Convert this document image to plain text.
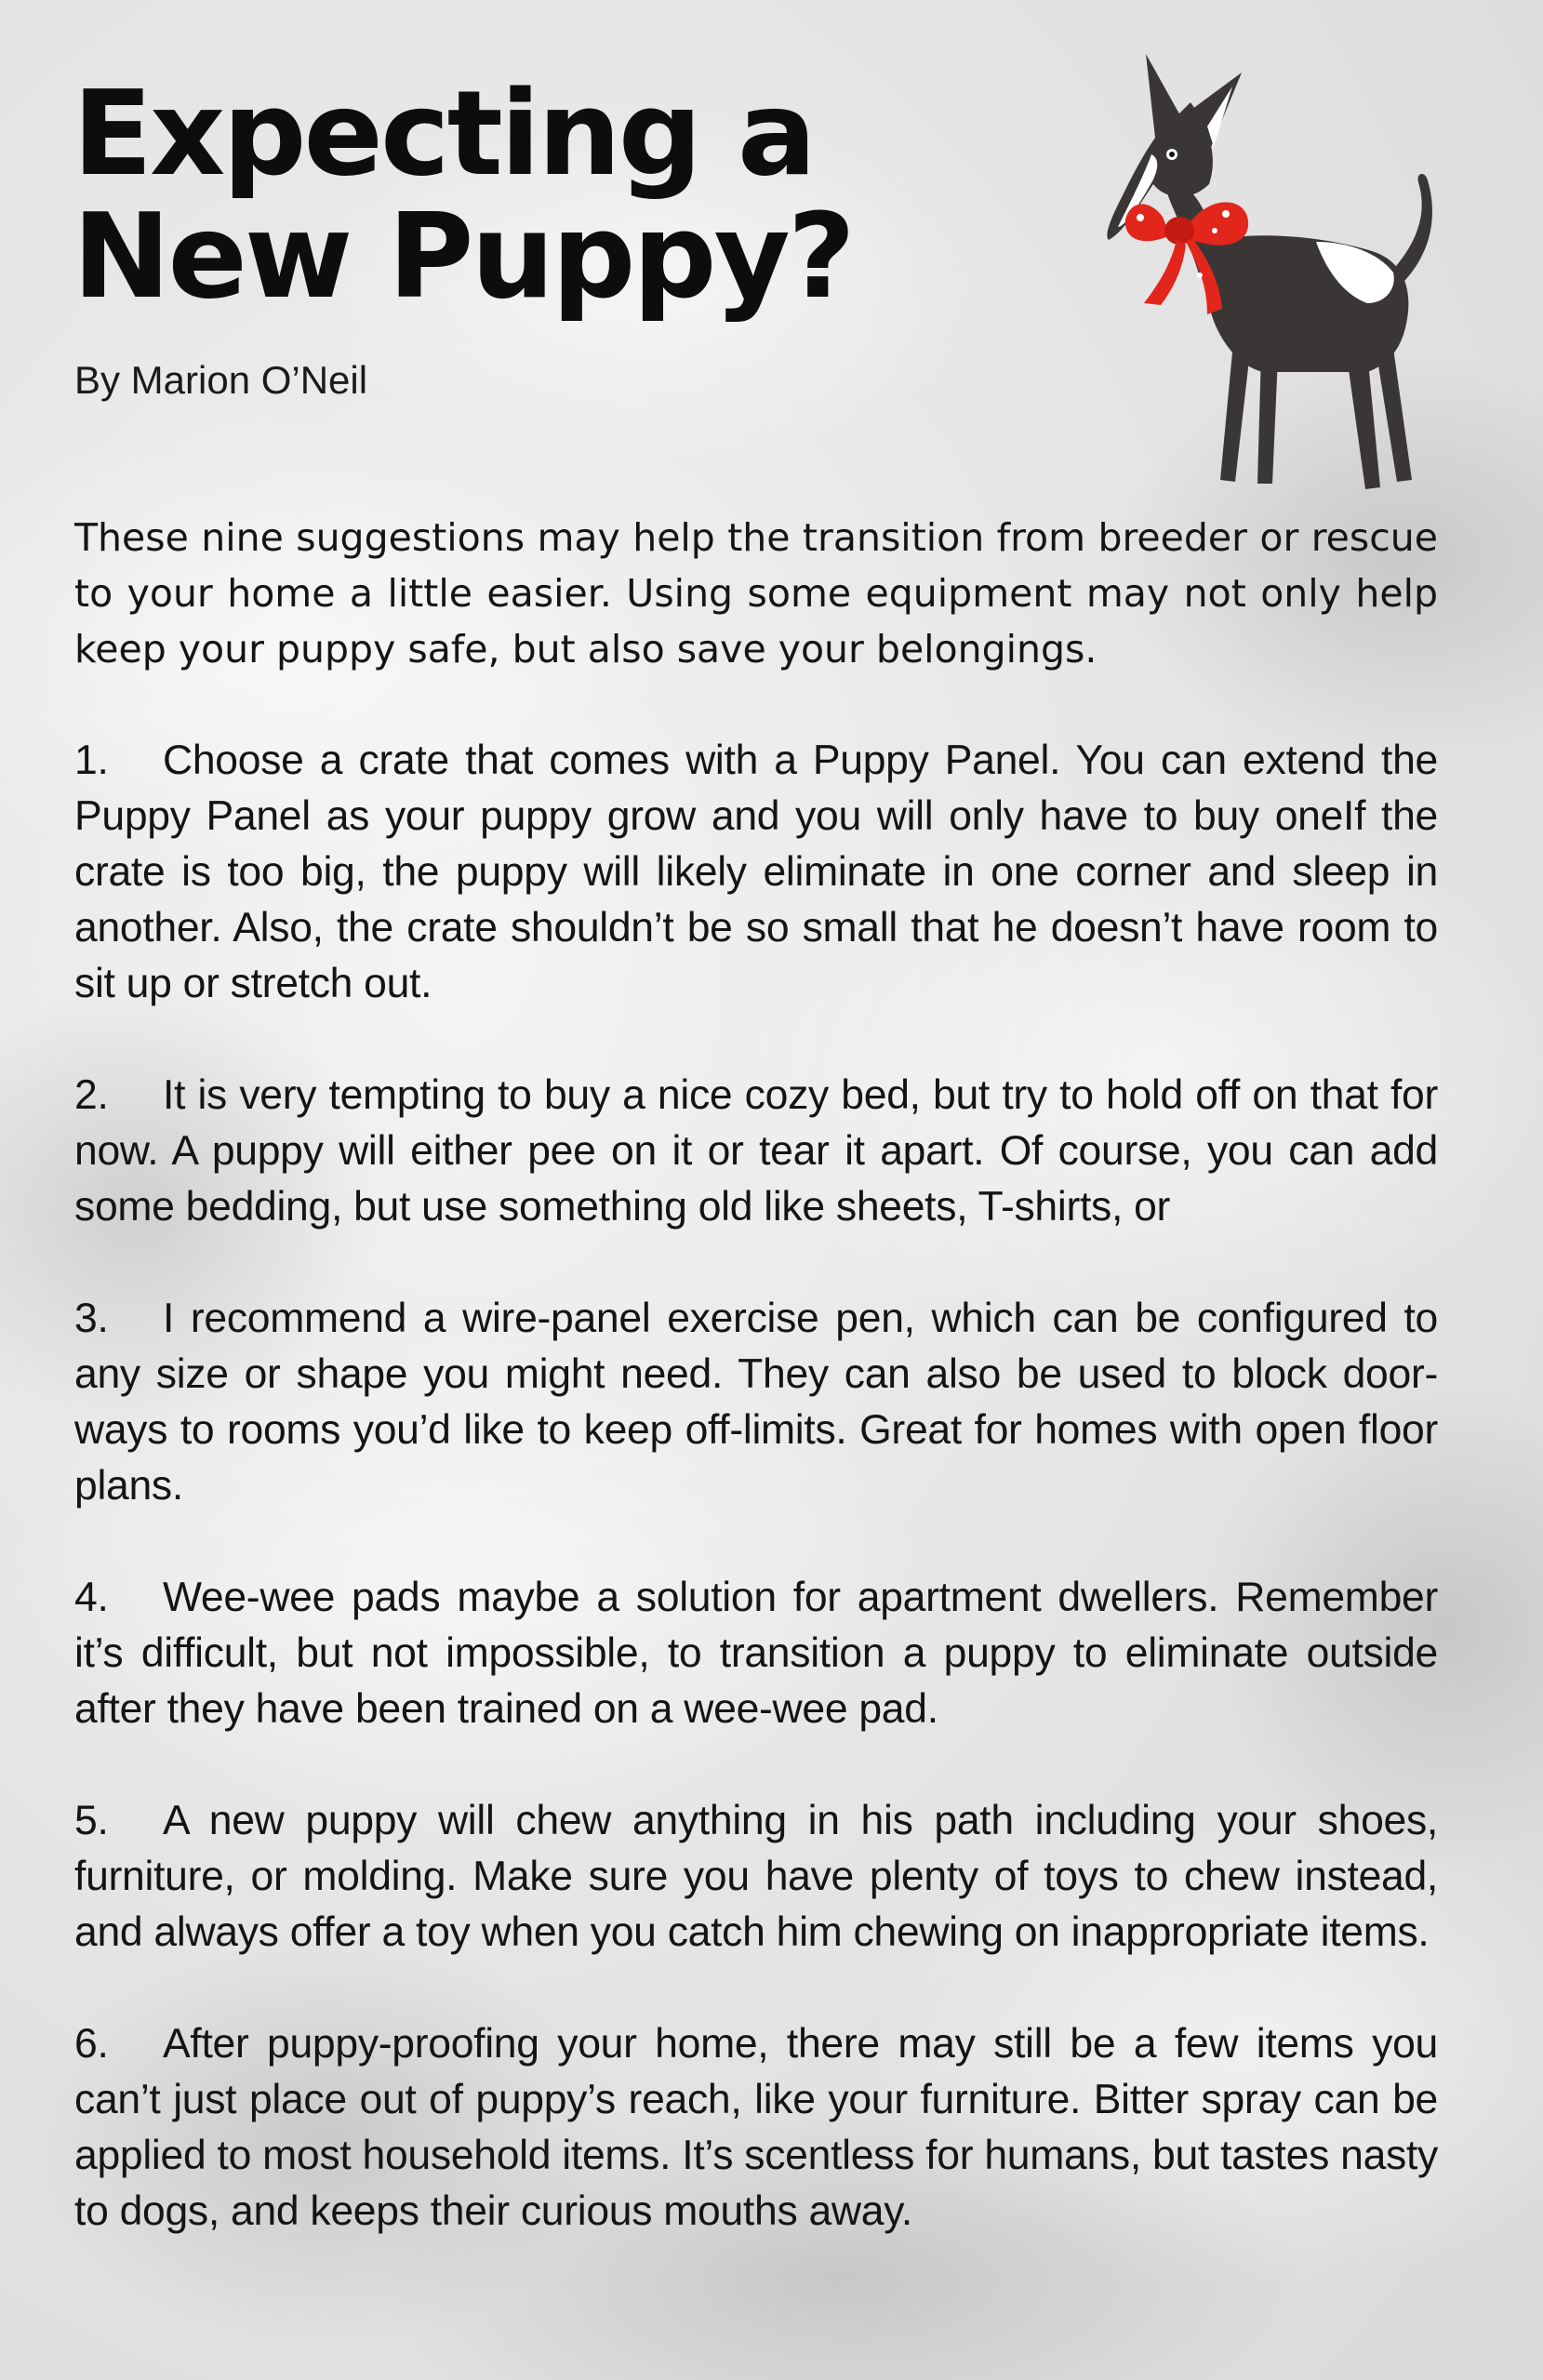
Expecting a
New Puppy?
By Marion O’Neil

These nine suggestions may help the transition from breeder or rescue to your home a little easier. Using some equipment may not only help keep your puppy safe, but also save your belongings.

1. Choose a crate that comes with a Puppy Panel. You can extend the Puppy Panel as your puppy grow and you will only have to buy oneIf the crate is too big, the puppy will likely eliminate in one corner and sleep in another. Also, the crate shouldn’t be so small that he doesn’t have room to sit up or stretch out.

2. It is very tempting to buy a nice cozy bed, but try to hold off on that for now. A puppy will either pee on it or tear it apart. Of course, you can add some bedding, but use something old like sheets, T-shirts, or

3. I recommend a wire-panel exercise pen, which can be configured to any size or shape you might need. They can also be used to block door-ways to rooms you’d like to keep off-limits. Great for homes with open floor plans.

4. Wee-wee pads maybe a solution for apartment dwellers. Remember it’s difficult, but not impossible, to transition a puppy to eliminate outside after they have been trained on a wee-wee pad.

5. A new puppy will chew anything in his path including your shoes, furniture, or molding. Make sure you have plenty of toys to chew instead, and always offer a toy when you catch him chewing on inappropriate items.

6. After puppy-proofing your home, there may still be a few items you can’t just place out of puppy’s reach, like your furniture. Bitter spray can be applied to most household items. It’s scentless for humans, but tastes nasty to dogs, and keeps their curious mouths away.
